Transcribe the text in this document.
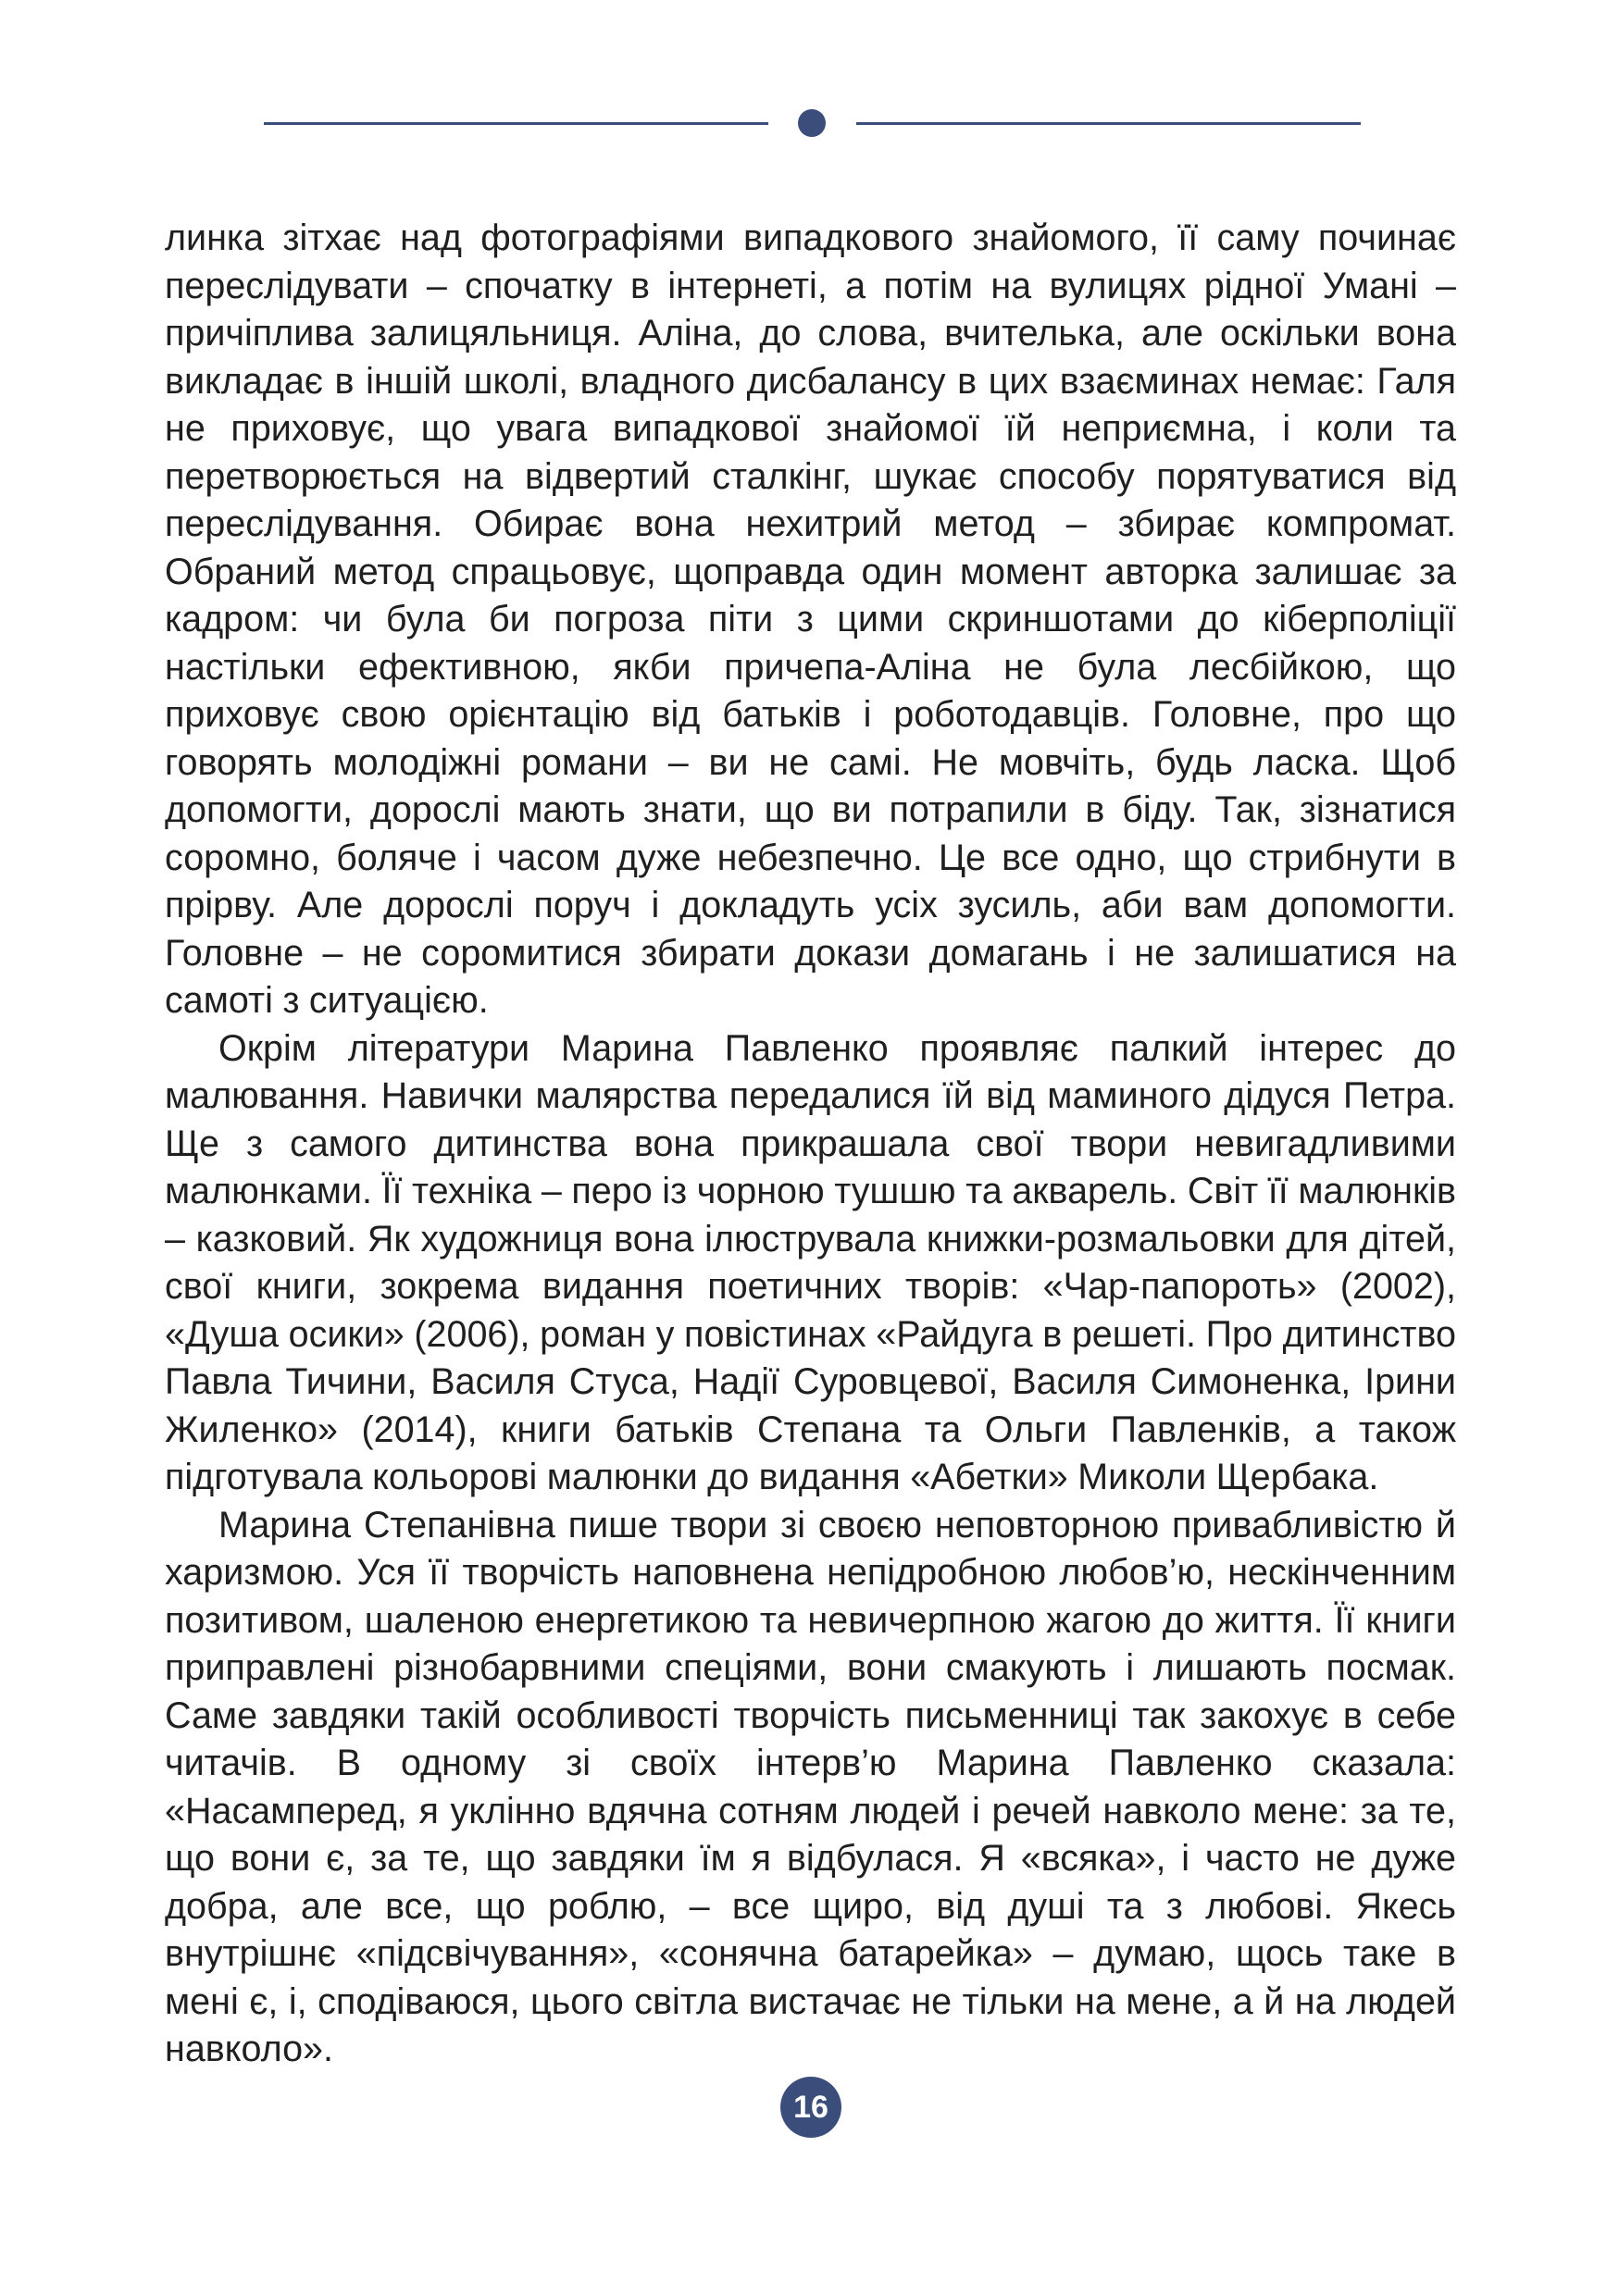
линка зітхає над фотографіями випадкового знайомого, її саму починає переслідувати – спочатку в інтернеті, а потім на вулицях рідної Умані – причіплива залицяльниця. Аліна, до слова, вчителька, але оскільки вона викладає в іншій школі, владного дисбалансу в цих взаєминах немає: Галя не приховує, що увага випадкової знайомої їй неприємна, і коли та перетворюється на відвертий сталкінг, шукає способу порятуватися від переслідування. Обирає вона нехитрий метод – збирає компромат. Обраний метод спрацьовує, щоправда один момент авторка залишає за кадром: чи була би погроза піти з цими скриншотами до кіберполіції настільки ефективною, якби причепа-Аліна не була лесбійкою, що приховує свою орієнтацію від батьків і роботодавців. Головне, про що говорять молодіжні романи – ви не самі. Не мовчіть, будь ласка. Щоб допомогти, дорослі мають знати, що ви потрапили в біду. Так, зізнатися соромно, боляче і часом дуже небезпечно. Це все одно, що стрибнути в прірву. Але дорослі поруч і докладуть усіх зусиль, аби вам допомогти. Головне – не соромитися збирати докази домагань і не залишатися на самоті з ситуацією.

Окрім літератури Марина Павленко проявляє палкий інтерес до малювання. Навички малярства передалися їй від маминого дідуся Петра. Ще з самого дитинства вона прикрашала свої твори невигадливими малюнками. Її техніка – перо із чорною тушшю та акварель. Світ її малюнків – казковий. Як художниця вона ілюструвала книжки-розмальовки для дітей, свої книги, зокрема видання поетичних творів: «Чар-папороть» (2002), «Душа осики» (2006), роман у повістинах «Райдуга в решеті. Про дитинство Павла Тичини, Василя Стуса, Надії Суровцевої, Василя Симоненка, Ірини Жиленко» (2014), книги батьків Степана та Ольги Павленків, а також підготувала кольорові малюнки до видання «Абетки» Миколи Щербака.

Марина Степанівна пише твори зі своєю неповторною привабливістю й харизмою. Уся її творчість наповнена непідробною любов’ю, нескінченним позитивом, шаленою енергетикою та невичерпною жагою до життя. Її книги приправлені різнобарвними спеціями, вони смакують і лишають посмак. Саме завдяки такій особливості творчість письменниці так закохує в себе читачів. В одному зі своїх інтерв’ю Марина Павленко сказала: «Насамперед, я уклінно вдячна сотням людей і речей навколо мене: за те, що вони є, за те, що завдяки їм я відбулася. Я «всяка», і часто не дуже добра, але все, що роблю, – все щиро, від душі та з любові. Якесь внутрішнє «підсвічування», «сонячна батарейка» – думаю, щось таке в мені є, і, сподіваюся, цього світла вистачає не тільки на мене, а й на людей навколо».

16
